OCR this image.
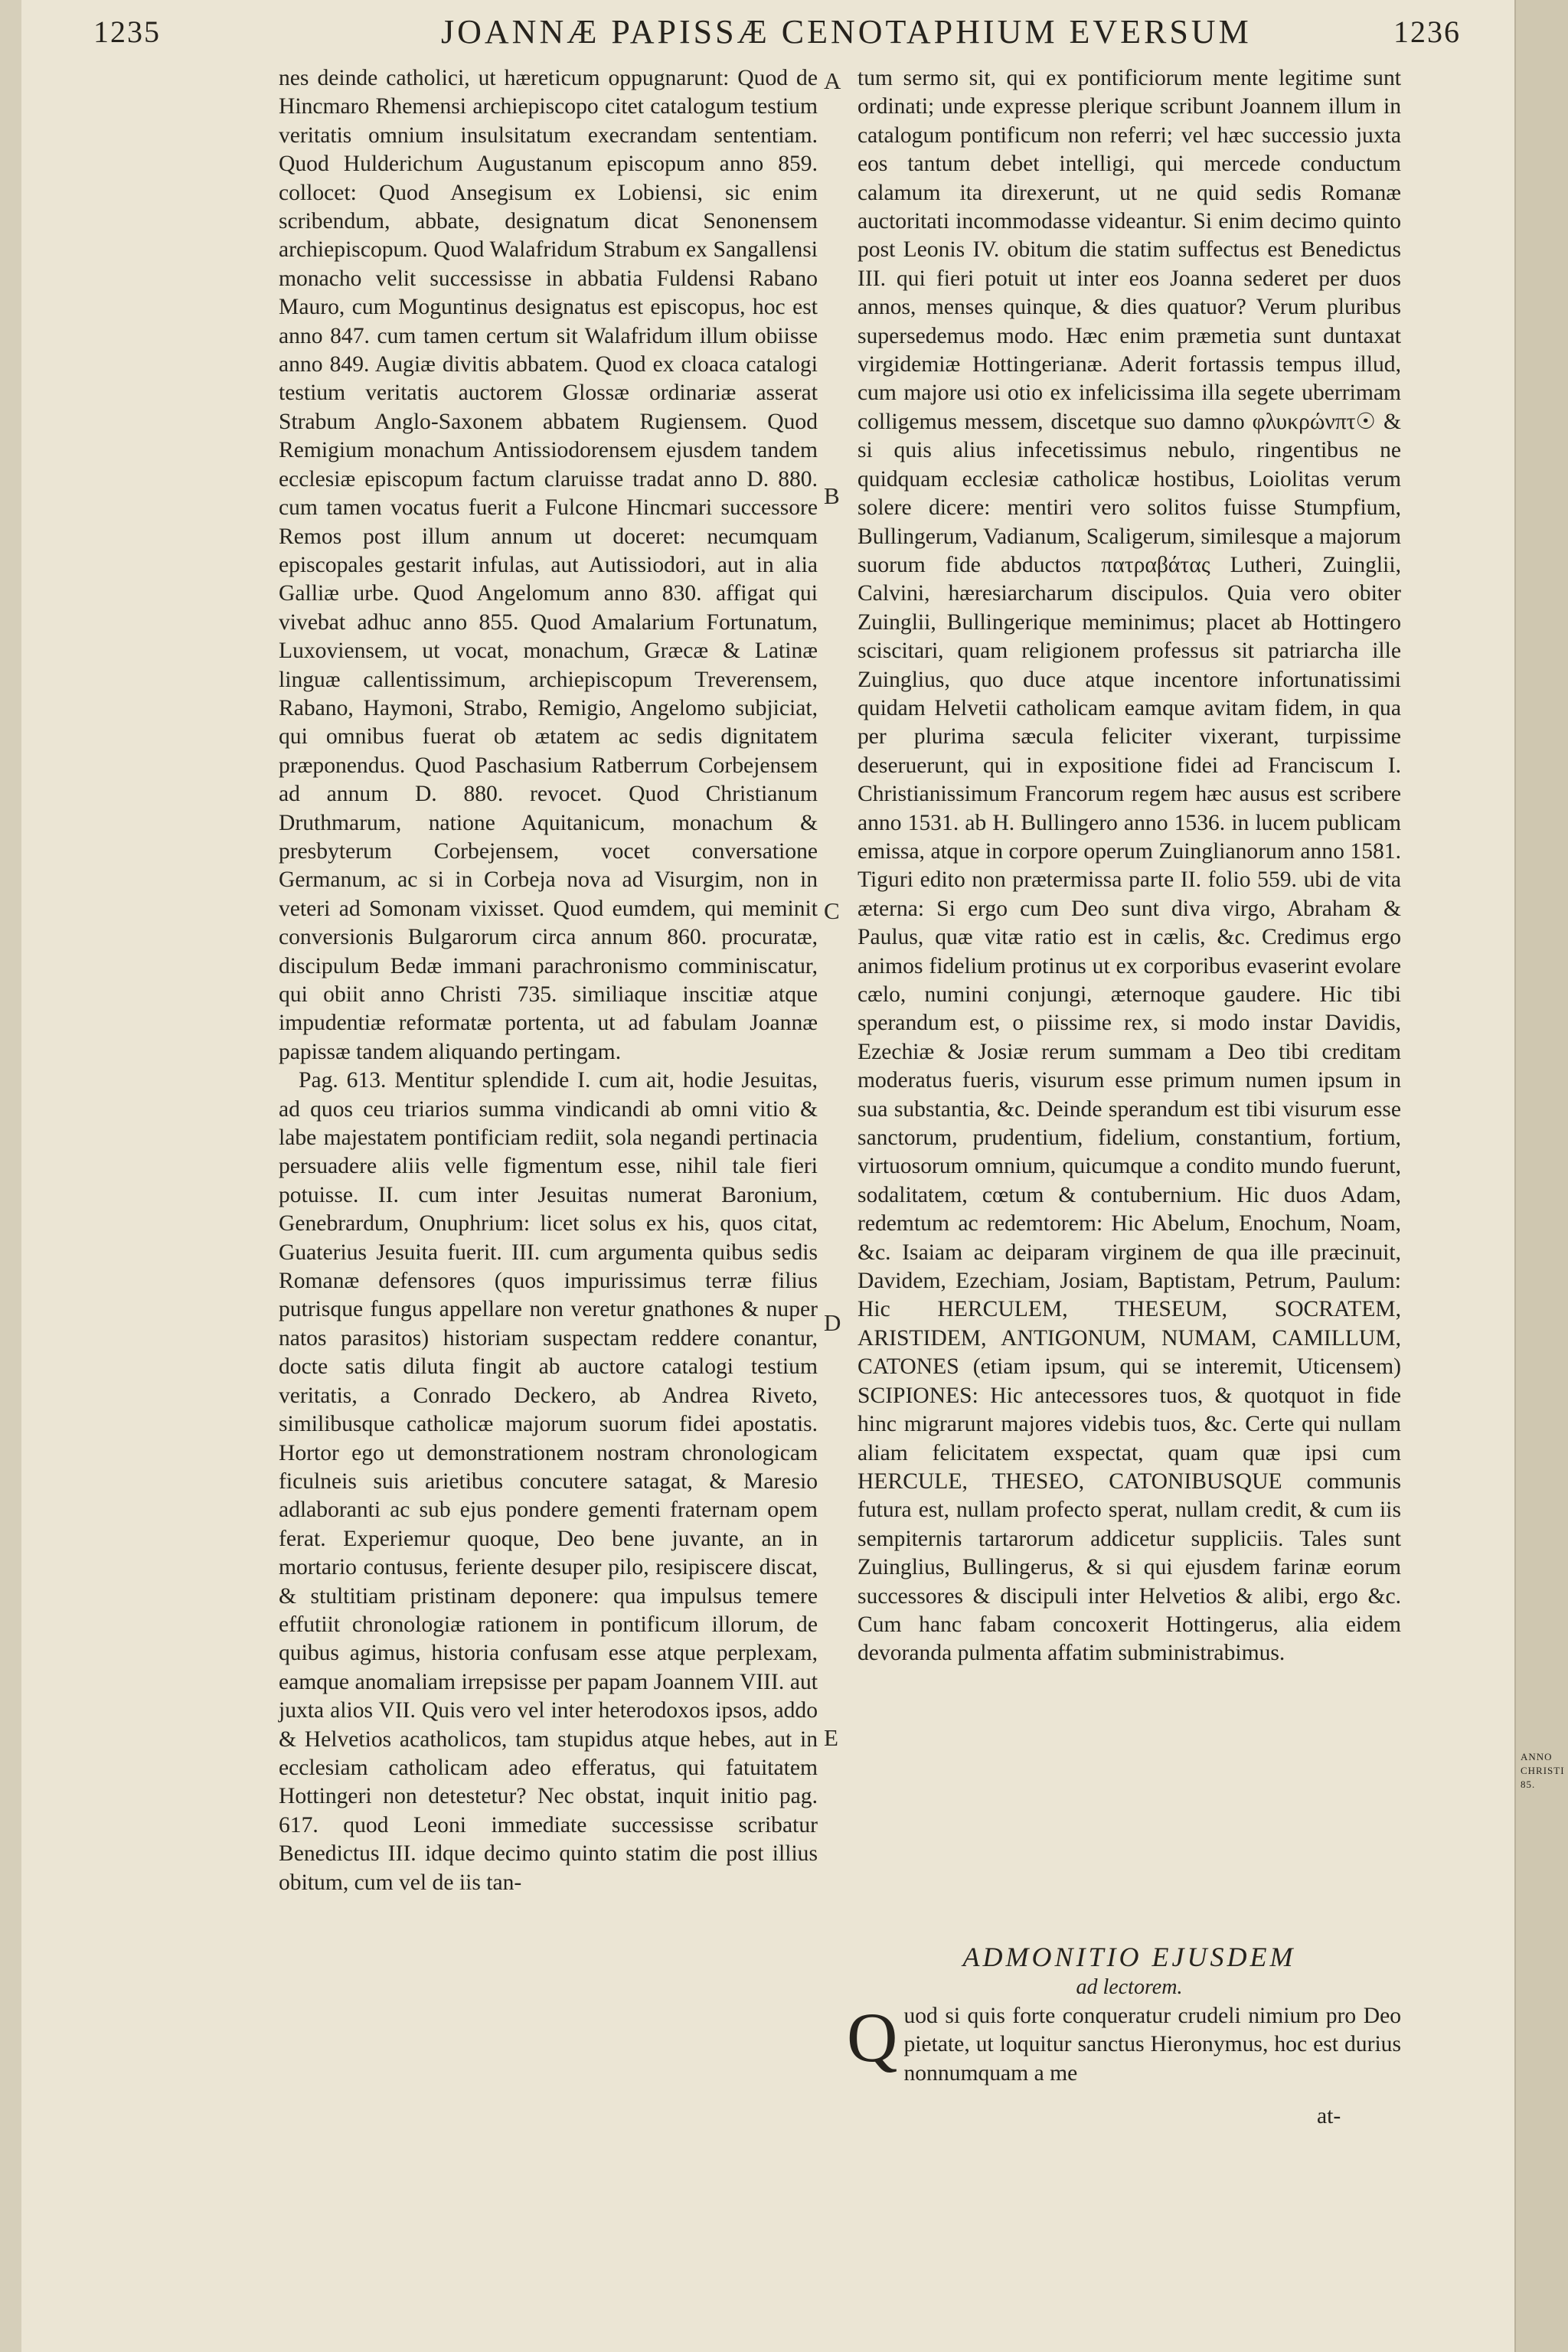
1235	JOANNÆ PAPISSÆ CENOTAPHIUM EVERSUM	1236

nes deinde catholici, ut hæreticum oppugnarunt: Quod de Hincmaro Rhemensi archiepiscopo citet catalogum testium veritatis omnium insulsitatum execrandam sententiam. Quod Hulderichum Augustanum episcopum anno 859. collocet: Quod Ansegisum ex Lobiensi, sic enim scribendum, abbate, designatum dicat Senonensem archiepiscopum. Quod Walafridum Strabum ex Sangallensi monacho velit successisse in abbatia Fuldensi Rabano Mauro, cum Moguntinus designatus est episcopus, hoc est anno 847. cum tamen certum sit Walafridum illum obiisse anno 849. Augiæ divitis abbatem. Quod ex cloaca catalogi testium veritatis auctorem Glossæ ordinariæ asserat Strabum Anglo-Saxonem abbatem Rugiensem. Quod Remigium monachum Antissiodorensem ejusdem tandem ecclesiæ episcopum factum claruisse tradat anno D. 880. cum tamen vocatus fuerit a Fulcone Hincmari successore Remos post illum annum ut doceret: necumquam episcopales gestarit infulas, aut Autissiodori, aut in alia Galliæ urbe. Quod Angelomum anno 830. affigat qui vivebat adhuc anno 855. Quod Amalarium Fortunatum, Luxoviensem, ut vocat, monachum, Græcæ & Latinæ linguæ callentissimum, archiepiscopum Treverensem, Rabano, Haymoni, Strabo, Remigio, Angelomo subjiciat, qui omnibus fuerat ob ætatem ac sedis dignitatem præponendus. Quod Paschasium Ratberrum Corbejensem ad annum D. 880. revocet. Quod Christianum Druthmarum, natione Aquitanicum, monachum & presbyterum Corbejensem, vocet conversatione Germanum, ac si in Corbeja nova ad Visurgim, non in veteri ad Somonam vixisset. Quod eumdem, qui meminit conversionis Bulgarorum circa annum 860. procuratæ, discipulum Bedæ immani parachronismo comminiscatur, qui obiit anno Christi 735. similiaque inscitiæ atque impudentiæ reformatæ portenta, ut ad fabulam Joannæ papissæ tandem aliquando pertingam.

Pag. 613. Mentitur splendide I. cum ait, hodie Jesuitas, ad quos ceu triarios summa vindicandi ab omni vitio & labe majestatem pontificiam rediit, sola negandi pertinacia persuadere aliis velle figmentum esse, nihil tale fieri potuisse. II. cum inter Jesuitas numerat Baronium, Genebrardum, Onuphrium: licet solus ex his, quos citat, Guaterius Jesuita fuerit. III. cum argumenta quibus sedis Romanæ defensores (quos impurissimus terræ filius putrisque fungus appellare non veretur gnathones & nuper natos parasitos) historiam suspectam reddere conantur, docte satis diluta fingit ab auctore catalogi testium veritatis, a Conrado Deckero, ab Andrea Riveto, similibusque catholicæ majorum suorum fidei apostatis. Hortor ego ut demonstrationem nostram chronologicam ficulneis suis arietibus concutere satagat, & Maresio adlaboranti ac sub ejus pondere gementi fraternam opem ferat. Experiemur quoque, Deo bene juvante, an in mortario contusus, feriente desuper pilo, resipiscere discat, & stultitiam pristinam deponere: qua impulsus temere effutiit chronologiæ rationem in pontificum illorum, de quibus agimus, historia confusam esse atque perplexam, eamque anomaliam irrepsisse per papam Joannem VIII. aut juxta alios VII. Quis vero vel inter heterodoxos ipsos, addo & Helvetios acatholicos, tam stupidus atque hebes, aut in ecclesiam catholicam adeo efferatus, qui fatuitatem Hottingeri non detestetur? Nec obstat, inquit initio pag. 617. quod Leoni immediate successisse scribatur Benedictus III. idque decimo quinto statim die post illius obitum, cum vel de iis tan-

A
B
C
D
E

tum sermo sit, qui ex pontificiorum mente legitime sunt ordinati; unde expresse plerique scribunt Joannem illum in catalogum pontificum non referri; vel hæc successio juxta eos tantum debet intelligi, qui mercede conductum calamum ita direxerunt, ut ne quid sedis Romanæ auctoritati incommodasse videantur. Si enim decimo quinto post Leonis IV. obitum die statim suffectus est Benedictus III. qui fieri potuit ut inter eos Joanna sederet per duos annos, menses quinque, & dies quatuor? Verum pluribus supersedemus modo. Hæc enim præmetia sunt duntaxat virgidemiæ Hottingerianæ. Aderit fortassis tempus illud, cum majore usi otio ex infelicissima illa segete uberrimam colligemus messem, discetque suo damno φλυκρώνπτ☉ & si quis alius infecetissimus nebulo, ringentibus ne quidquam ecclesiæ catholicæ hostibus, Loiolitas verum solere dicere: mentiri vero solitos fuisse Stumpfium, Bullingerum, Vadianum, Scaligerum, similesque a majorum suorum fide abductos πατραβάτας Lutheri, Zuinglii, Calvini, hæresiarcharum discipulos. Quia vero obiter Zuinglii, Bullingerique meminimus; placet ab Hottingero sciscitari, quam religionem professus sit patriarcha ille Zuinglius, quo duce atque incentore infortunatissimi quidam Helvetii catholicam eamque avitam fidem, in qua per plurima sæcula feliciter vixerant, turpissime deseruerunt, qui in expositione fidei ad Franciscum I. Christianissimum Francorum regem hæc ausus est scribere anno 1531. ab H. Bullingero anno 1536. in lucem publicam emissa, atque in corpore operum Zuinglianorum anno 1581. Tiguri edito non prætermissa parte II. folio 559. ubi de vita æterna: Si ergo cum Deo sunt diva virgo, Abraham & Paulus, quæ vitæ ratio est in cælis, &c. Credimus ergo animos fidelium protinus ut ex corporibus evaserint evolare cælo, numini conjungi, æternoque gaudere. Hic tibi sperandum est, o piissime rex, si modo instar Davidis, Ezechiæ & Josiæ rerum summam a Deo tibi creditam moderatus fueris, visurum esse primum numen ipsum in sua substantia, &c. Deinde sperandum est tibi visurum esse sanctorum, prudentium, fidelium, constantium, fortium, virtuosorum omnium, quicumque a condito mundo fuerunt, sodalitatem, cœtum & contubernium. Hic duos Adam, redemtum ac redemtorem: Hic Abelum, Enochum, Noam, &c. Isaiam ac deiparam virginem de qua ille præcinuit, Davidem, Ezechiam, Josiam, Baptistam, Petrum, Paulum: Hic HERCULEM, THESEUM, SOCRATEM, ARISTIDEM, ANTIGONUM, NUMAM, CAMILLUM, CATONES (etiam ipsum, qui se interemit, Uticensem) SCIPIONES: Hic antecessores tuos, & quotquot in fide hinc migrarunt majores videbis tuos, &c. Certe qui nullam aliam felicitatem exspectat, quam quæ ipsi cum HERCULE, THESEO, CATONIBUSQUE communis futura est, nullam profecto sperat, nullam credit, & cum iis sempiternis tartarorum addicetur suppliciis. Tales sunt Zuinglius, Bullingerus, & si qui ejusdem farinæ eorum successores & discipuli inter Helvetios & alibi, ergo &c. Cum hanc fabam concoxerit Hottingerus, alia eidem devoranda pulmenta affatim subministrabimus.

ADMONITIO EJUSDEM
ad lectorem.
Q uod si quis forte conqueratur crudeli nimium pro Deo pietate, ut loquitur sanctus Hieronymus, hoc est durius nonnumquam a me

at-
ANNO CHRISTI 85.
